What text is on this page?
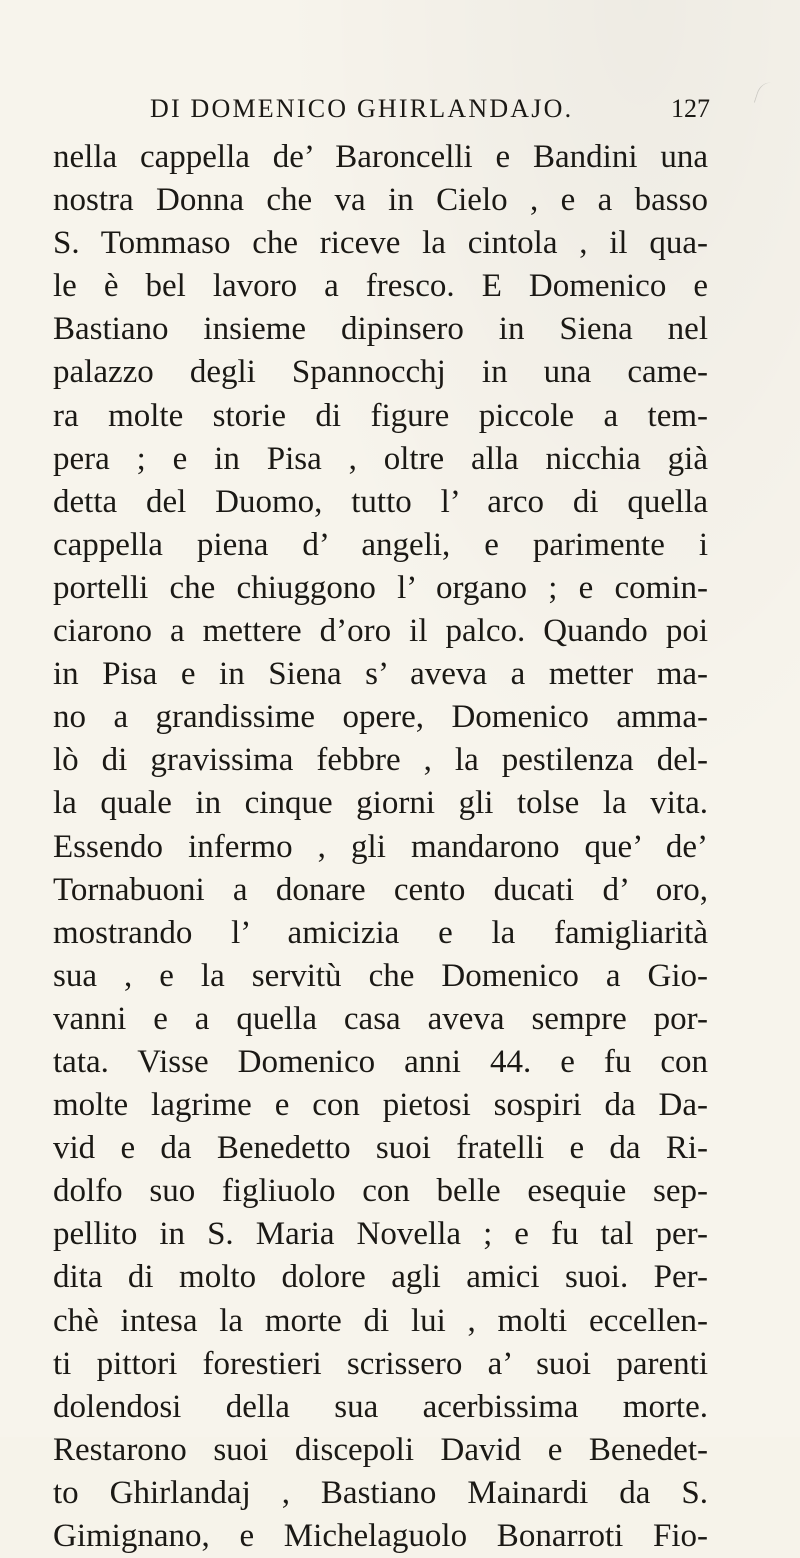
DI DOMENICO GHIRLANDAJO.	127
nella cappella de’ Baroncelli e Bandini una
nostra Donna che va in Cielo , e a basso
S. Tommaso che riceve la cintola , il qua-
le è bel lavoro a fresco. E Domenico e
Bastiano insieme dipinsero in Siena nel
palazzo degli Spannocchj in una came-
ra molte storie di figure piccole a tem-
pera ; e in Pisa , oltre alla nicchia già
detta del Duomo, tutto l’ arco di quella
cappella piena d’ angeli, e parimente i
portelli che chiuggono l’ organo ; e comin-
ciarono a mettere d’oro il palco. Quando poi
in Pisa e in Siena s’ aveva a metter ma-
no a grandissime opere, Domenico amma-
lò di gravissima febbre , la pestilenza del-
la quale in cinque giorni gli tolse la vita.
Essendo infermo , gli mandarono que’ de’
Tornabuoni a donare cento ducati d’ oro,
mostrando l’ amicizia e la famigliarità
sua , e la servitù che Domenico a Gio-
vanni e a quella casa aveva sempre por-
tata. Visse Domenico anni 44. e fu con
molte lagrime e con pietosi sospiri da Da-
vid e da Benedetto suoi fratelli e da Ri-
dolfo suo figliuolo con belle esequie sep-
pellito in S. Maria Novella ; e fu tal per-
dita di molto dolore agli amici suoi. Per-
chè intesa la morte di lui , molti eccellen-
ti pittori forestieri scrissero a’ suoi parenti
dolendosi della sua acerbissima morte.
Restarono suoi discepoli David e Benedet-
to Ghirlandaj , Bastiano Mainardi da S.
Gimignano, e Michelaguolo Bonarroti Fio-
